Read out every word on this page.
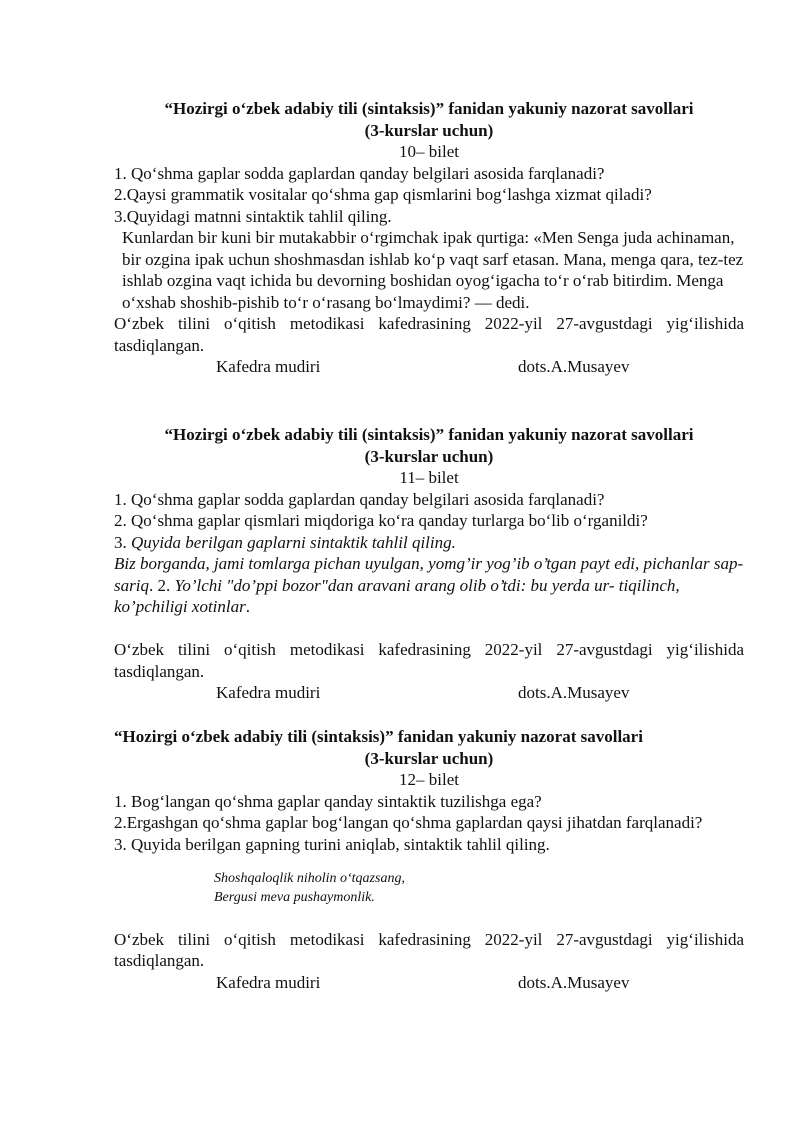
“Hozirgi o‘zbek adabiy tili (sintaksis)” fanidan yakuniy nazorat savollari
(3-kurslar uchun)
10– bilet
1. Qo‘shma gaplar sodda gaplardan qanday belgilari asosida farqlanadi?
2.Qaysi grammatik vositalar qo‘shma gap qismlarini bog‘lashga xizmat qiladi?
3.Quyidagi matnni sintaktik tahlil qiling.
Kunlardan bir kuni bir mutakabbir o‘rgimchak ipak qurtiga: «Men Senga juda achinaman, bir ozgina ipak uchun shoshmasdan ishlab ko‘p vaqt sarf etasan. Mana, menga qara, tez-tez ishlab ozgina vaqt ichida bu devorning boshidan oyog‘igacha to‘r o‘rab bitirdim. Menga o‘xshab shoshib-pishib to‘r o‘rasang bo‘lmaydimi? — dedi.
O‘zbek tilini o‘qitish metodikasi kafedrasining 2022-yil 27-avgustdagi yig‘ilishida tasdiqlangan.
Kafedra mudiri	dots.A.Musayev
“Hozirgi o‘zbek adabiy tili (sintaksis)” fanidan yakuniy nazorat savollari
(3-kurslar uchun)
11– bilet
1. Qo‘shma gaplar sodda gaplardan qanday belgilari asosida farqlanadi?
2. Qo‘shma gaplar qismlari miqdoriga ko‘ra qanday turlarga bo‘lib o‘rganildi?
3. Quyida berilgan gaplarni sintaktik tahlil qiling.
Biz borganda, jami tomlarga pichan uyulgan, yomg’ir yog’ib o’tgan payt edi, pichanlar sap-sariq. 2. Yo’lchi "do’ppi bozor"dan aravani arang olib o’tdi: bu yerda ur- tiqilinch, ko’pchiligi xotinlar.
O‘zbek tilini o‘qitish metodikasi kafedrasining 2022-yil 27-avgustdagi yig‘ilishida tasdiqlangan.
Kafedra mudiri	dots.A.Musayev
“Hozirgi o‘zbek adabiy tili (sintaksis)” fanidan yakuniy nazorat savollari
(3-kurslar uchun)
12– bilet
1. Bog‘langan qo‘shma gaplar qanday sintaktik tuzilishga ega?
2.Ergashgan qo‘shma gaplar bog‘langan qo‘shma gaplardan qaysi jihatdan farqlanadi?
3. Quyida berilgan gapning turini aniqlab, sintaktik tahlil qiling.
Shoshqaloqlik niholin o‘tqazsang,
Bergusi meva pushaymonlik.
O‘zbek tilini o‘qitish metodikasi kafedrasining 2022-yil 27-avgustdagi yig‘ilishida tasdiqlangan.
Kafedra mudiri	dots.A.Musayev
